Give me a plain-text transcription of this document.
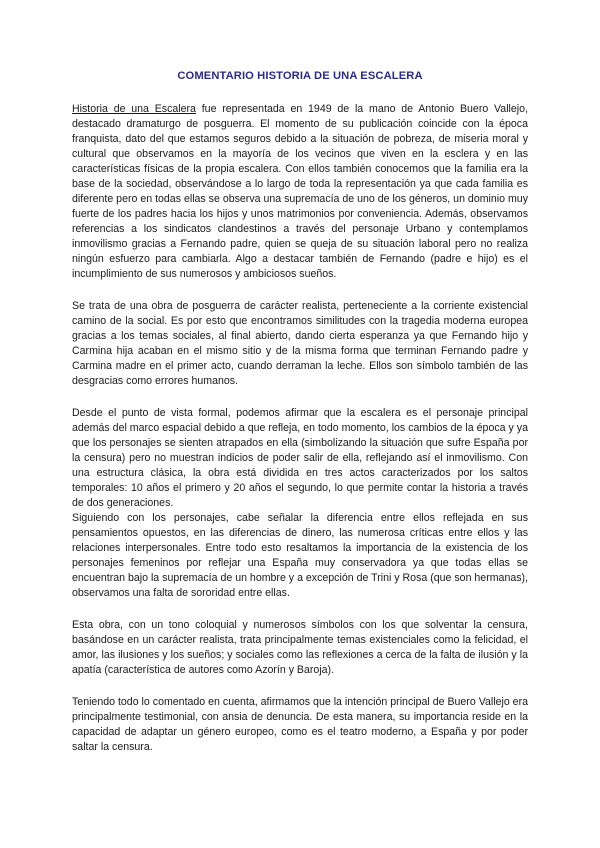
COMENTARIO HISTORIA DE UNA ESCALERA

Historia de una Escalera fue representada en 1949 de la mano de Antonio Buero Vallejo, destacado dramaturgo de posguerra. El momento de su publicación coincide con la época franquista, dato del que estamos seguros debido a la situación de pobreza, de miseria moral y cultural que observamos en la mayoría de los vecinos que viven en la esclera y en las características físicas de la propia escalera. Con ellos también conocemos que la familia era la base de la sociedad, observándose a lo largo de toda la representación ya que cada familia es diferente pero en todas ellas se observa una supremacía de uno de los géneros, un dominio muy fuerte de los padres hacia los hijos y unos matrimonios por conveniencia. Además, observamos referencias a los sindicatos clandestinos a través del personaje Urbano y contemplamos inmovilismo gracias a Fernando padre, quien se queja de su situación laboral pero no realiza ningún esfuerzo para cambiarla. Algo a destacar también de Fernando (padre e hijo) es el incumplimiento de sus numerosos y ambiciosos sueños.

Se trata de una obra de posguerra de carácter realista, perteneciente a la corriente existencial camino de la social. Es por esto que encontramos similitudes con la tragedia moderna europea gracias a los temas sociales, al final abierto, dando cierta esperanza ya que Fernando hijo y Carmina hija acaban en el mismo sitio y de la misma forma que terminan Fernando padre y Carmina madre en el primer acto, cuando derraman la leche. Ellos son símbolo también de las desgracias como errores humanos.

Desde el punto de vista formal, podemos afirmar que la escalera es el personaje principal además del marco espacial debido a que refleja, en todo momento, los cambios de la época y ya que los personajes se sienten atrapados en ella (simbolizando la situación que sufre España por la censura) pero no muestran indicios de poder salir de ella, reflejando así el inmovilismo. Con una estructura clásica, la obra está dividida en tres actos caracterizados por los saltos temporales: 10 años el primero y 20 años el segundo, lo que permite contar la historia a través de dos generaciones.

Siguiendo con los personajes, cabe señalar la diferencia entre ellos reflejada en sus pensamientos opuestos, en las diferencias de dinero, las numerosa críticas entre ellos y las relaciones interpersonales. Entre todo esto resaltamos la importancia de la existencia de los personajes femeninos por reflejar una España muy conservadora ya que todas ellas se encuentran bajo la supremacía de un hombre y a excepción de Trini y Rosa (que son hermanas), observamos una falta de sororidad entre ellas.

Esta obra, con un tono coloquial y numerosos símbolos con los que solventar la censura, basándose en un carácter realista, trata principalmente temas existenciales como la felicidad, el amor, las ilusiones y los sueños; y sociales como las reflexiones a cerca de la falta de ilusión y la apatía (característica de autores como Azorín y Baroja).

Teniendo todo lo comentado en cuenta, afirmamos que la intención principal de Buero Vallejo era principalmente testimonial, con ansia de denuncia. De esta manera, su importancia reside en la capacidad de adaptar un género europeo, como es el teatro moderno, a España y por poder saltar la censura.
